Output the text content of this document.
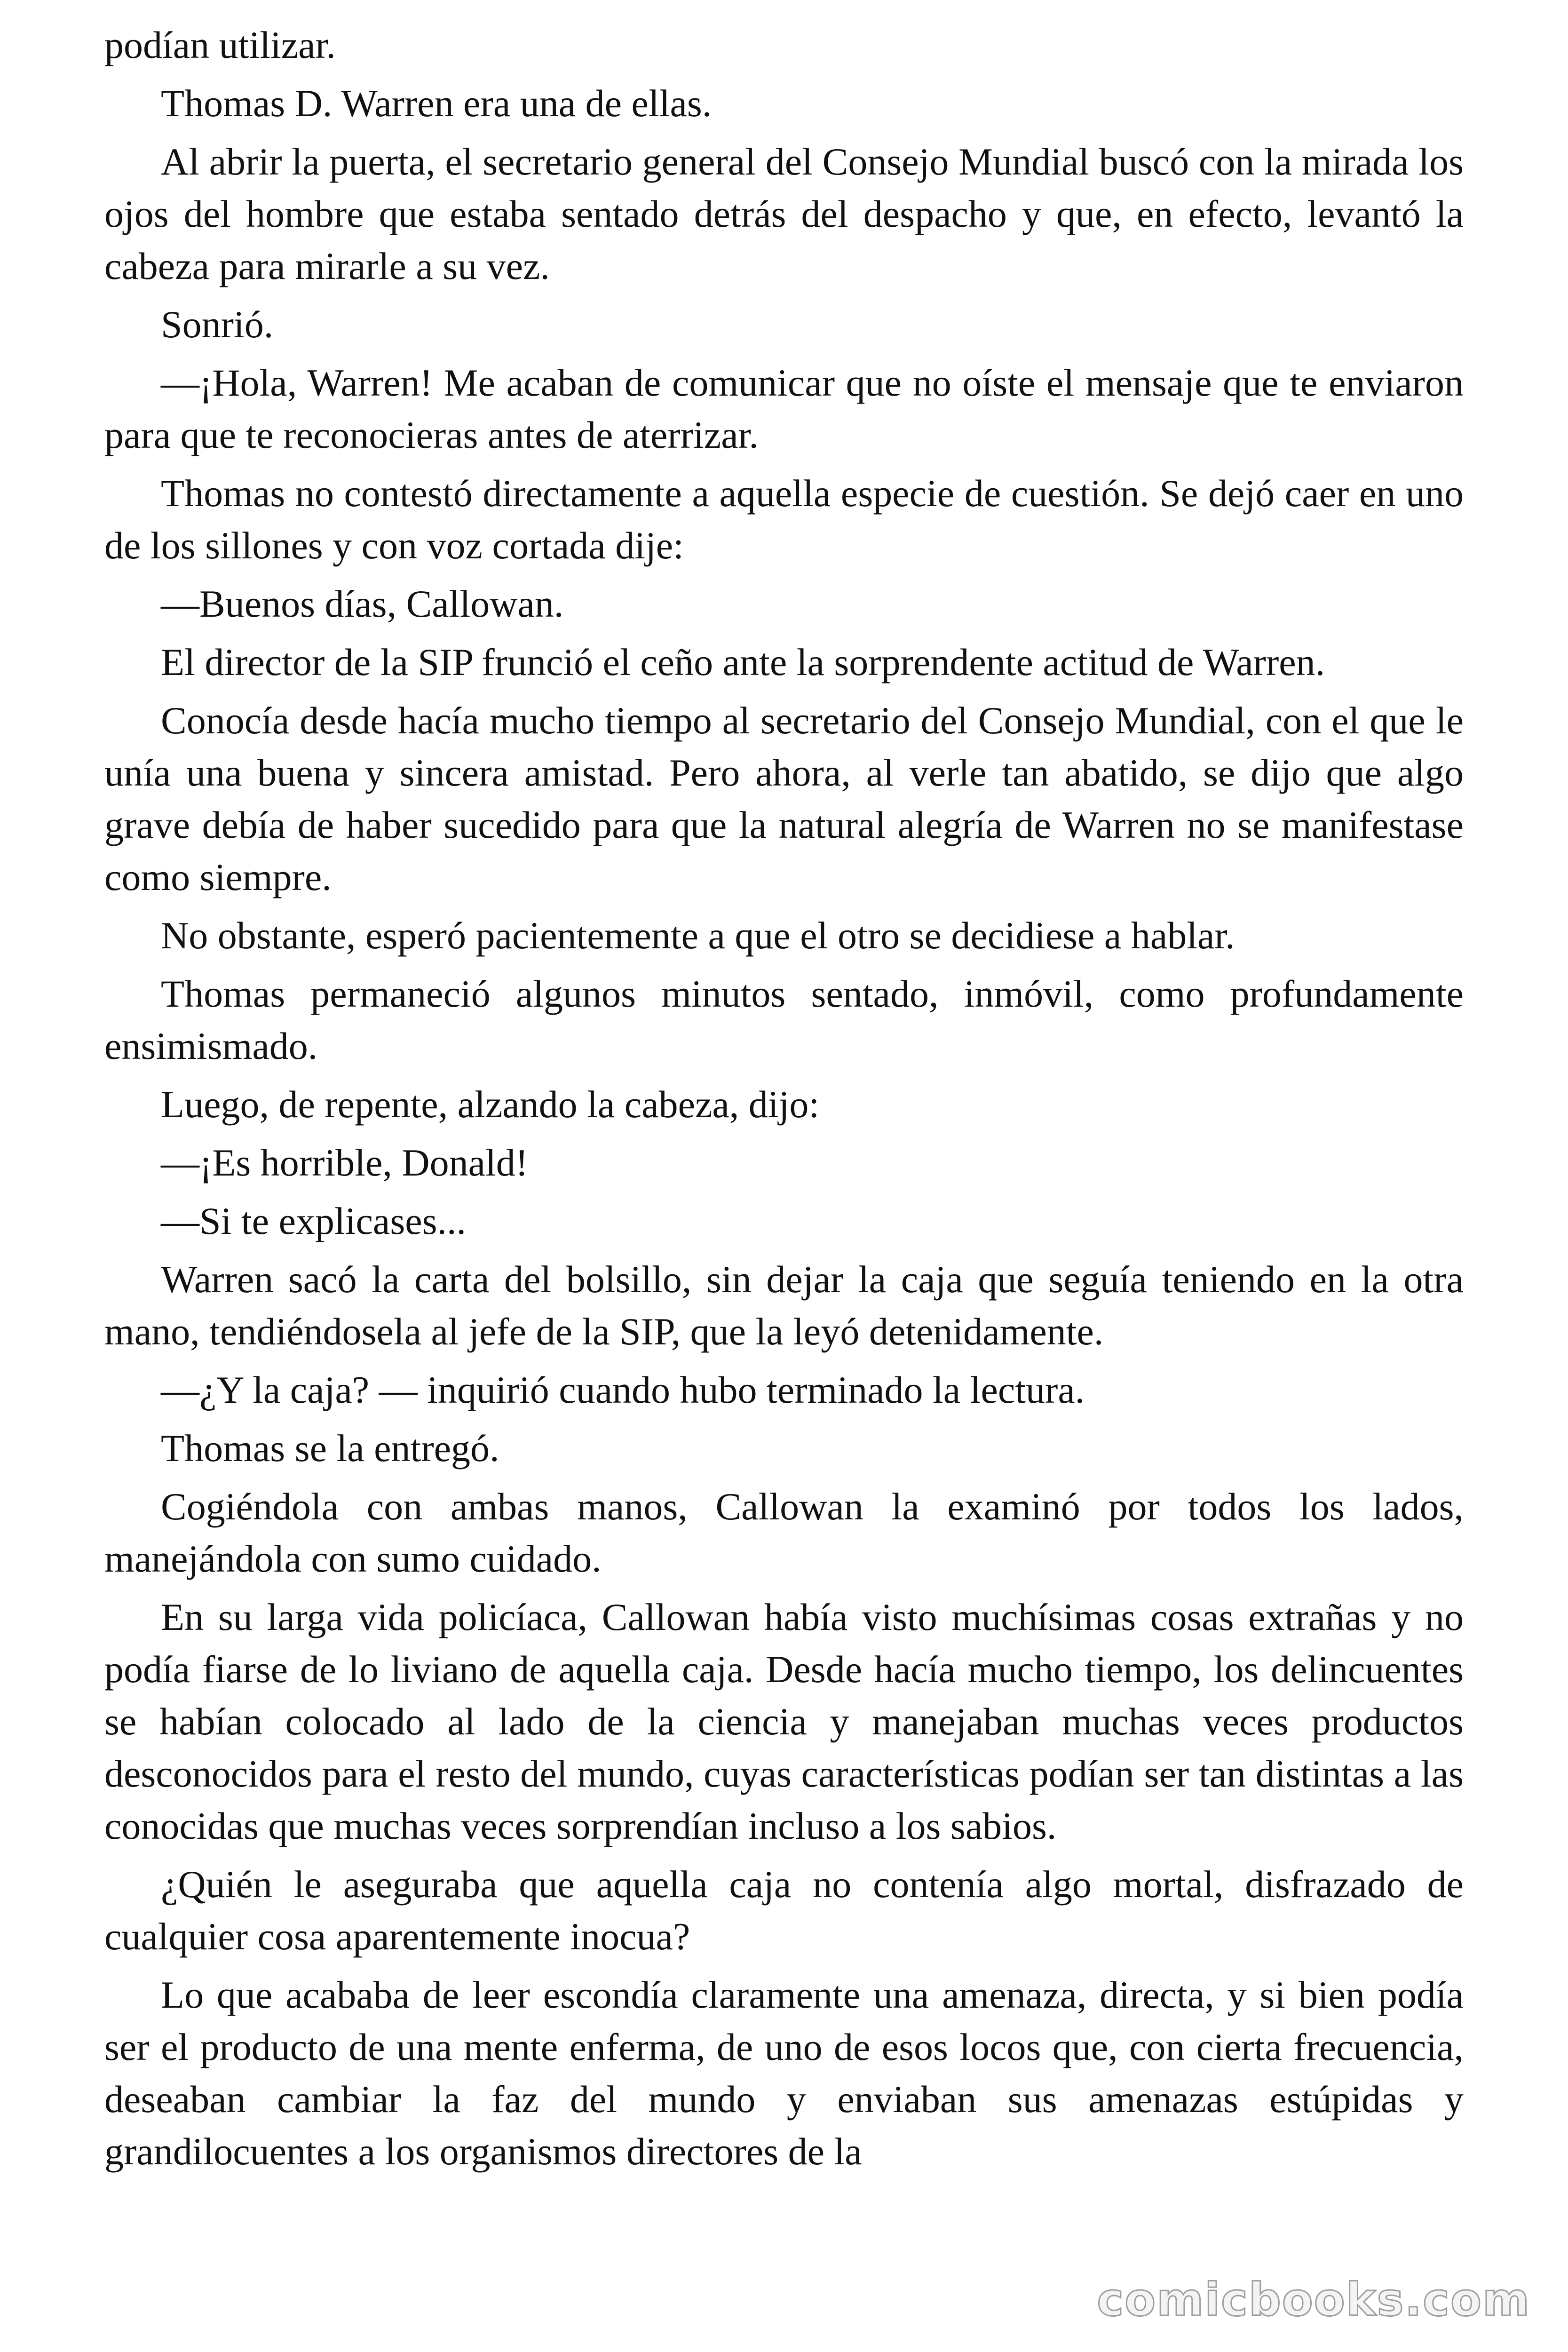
podían utilizar.

Thomas D. Warren era una de ellas.

Al abrir la puerta, el secretario general del Consejo Mundial buscó con la mirada los ojos del hombre que estaba sentado detrás del despacho y que, en efecto, levantó la cabeza para mirarle a su vez.

Sonrió.

—¡Hola, Warren! Me acaban de comunicar que no oíste el mensaje que te enviaron para que te reconocieras antes de aterrizar.

Thomas no contestó directamente a aquella especie de cuestión. Se dejó caer en uno de los sillones y con voz cortada dije:

—Buenos días, Callowan.

El director de la SIP frunció el ceño ante la sorprendente actitud de Warren.

Conocía desde hacía mucho tiempo al secretario del Consejo Mundial, con el que le unía una buena y sincera amistad. Pero ahora, al verle tan abatido, se dijo que algo grave debía de haber sucedido para que la natural alegría de Warren no se manifestase como siempre.

No obstante, esperó pacientemente a que el otro se decidiese a hablar.

Thomas permaneció algunos minutos sentado, inmóvil, como profundamente ensimismado.

Luego, de repente, alzando la cabeza, dijo:

—¡Es horrible, Donald!

—Si te explicases...

Warren sacó la carta del bolsillo, sin dejar la caja que seguía teniendo en la otra mano, tendiéndosela al jefe de la SIP, que la leyó detenidamente.

—¿Y la caja? — inquirió cuando hubo terminado la lectura.

Thomas se la entregó.

Cogiéndola con ambas manos, Callowan la examinó por todos los lados, manejándola con sumo cuidado.

En su larga vida policíaca, Callowan había visto muchísimas cosas extrañas y no podía fiarse de lo liviano de aquella caja. Desde hacía mucho tiempo, los delincuentes se habían colocado al lado de la ciencia y manejaban muchas veces productos desconocidos para el resto del mundo, cuyas características podían ser tan distintas a las conocidas que muchas veces sorprendían incluso a los sabios.

¿Quién le aseguraba que aquella caja no contenía algo mortal, disfrazado de cualquier cosa aparentemente inocua?

Lo que acababa de leer escondía claramente una amenaza, directa, y si bien podía ser el producto de una mente enferma, de uno de esos locos que, con cierta frecuencia, deseaban cambiar la faz del mundo y enviaban sus amenazas estúpidas y grandilocuentes a los organismos directores de la

comicbooks.com
